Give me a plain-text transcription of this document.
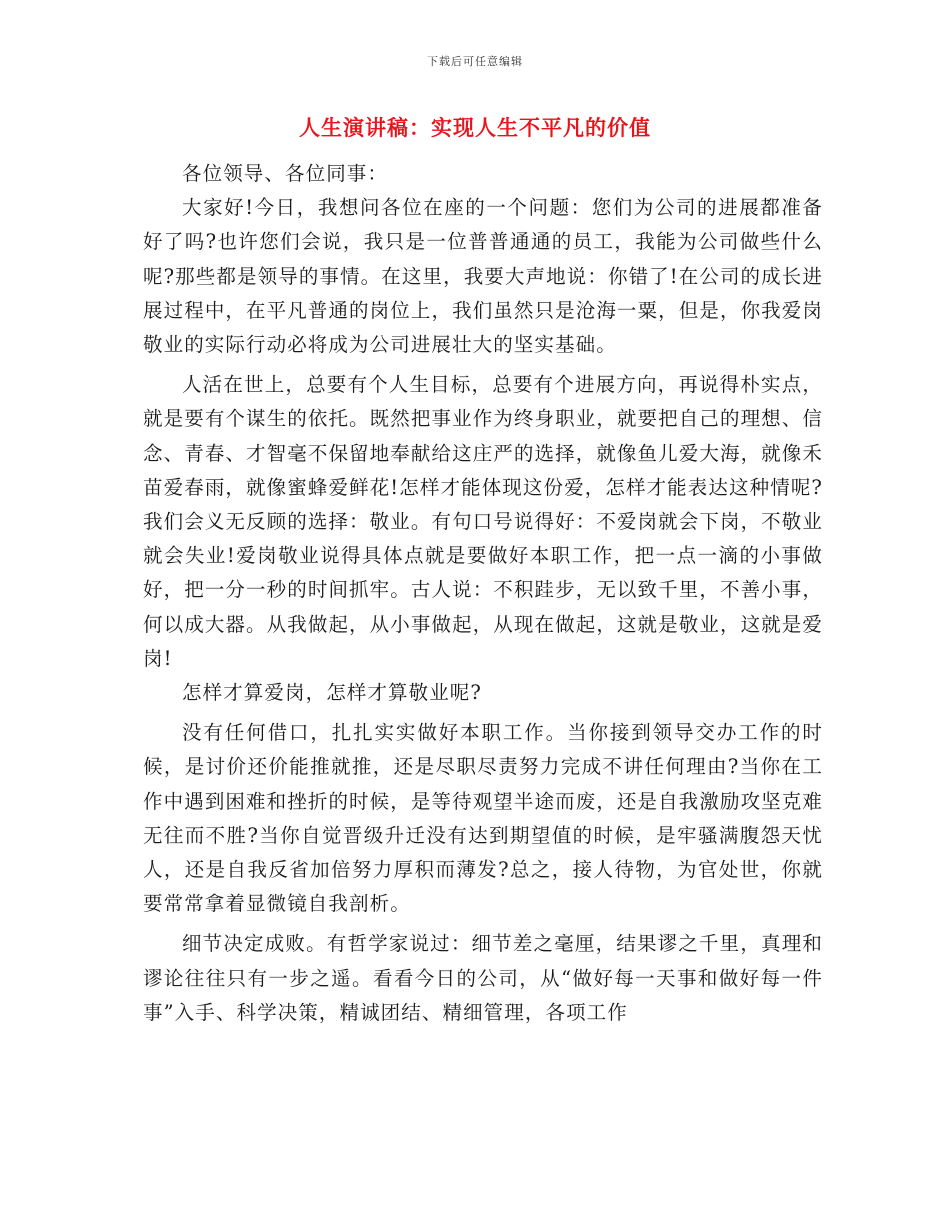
下载后可任意编辑
人生演讲稿：实现人生不平凡的价值

各位领导、各位同事：

大家好!今日，我想问各位在座的一个问题：您们为公司的进展都准备好了吗?也许您们会说，我只是一位普普通通的员工，我能为公司做些什么呢?那些都是领导的事情。在这里，我要大声地说：你错了!在公司的成长进展过程中，在平凡普通的岗位上，我们虽然只是沧海一粟，但是，你我爱岗敬业的实际行动必将成为公司进展壮大的坚实基础。

人活在世上，总要有个人生目标，总要有个进展方向，再说得朴实点，就是要有个谋生的依托。既然把事业作为终身职业，就要把自己的理想、信念、青春、才智毫不保留地奉献给这庄严的选择，就像鱼儿爱大海，就像禾苗爱春雨，就像蜜蜂爱鲜花!怎样才能体现这份爱，怎样才能表达这种情呢?我们会义无反顾的选择：敬业。有句口号说得好：不爱岗就会下岗，不敬业就会失业!爱岗敬业说得具体点就是要做好本职工作，把一点一滴的小事做好，把一分一秒的时间抓牢。古人说：不积跬步，无以致千里，不善小事，何以成大器。从我做起，从小事做起，从现在做起，这就是敬业，这就是爱岗!

怎样才算爱岗，怎样才算敬业呢?

没有任何借口，扎扎实实做好本职工作。当你接到领导交办工作的时候，是讨价还价能推就推，还是尽职尽责努力完成不讲任何理由?当你在工作中遇到困难和挫折的时候，是等待观望半途而废，还是自我激励攻坚克难无往而不胜?当你自觉晋级升迁没有达到期望值的时候，是牢骚满腹怨天忧人，还是自我反省加倍努力厚积而薄发?总之，接人待物，为官处世，你就要常常拿着显微镜自我剖析。

细节决定成败。有哲学家说过：细节差之毫厘，结果谬之千里，真理和谬论往往只有一步之遥。看看今日的公司，从“做好每一天事和做好每一件事”入手、科学决策，精诚团结、精细管理，各项工作
